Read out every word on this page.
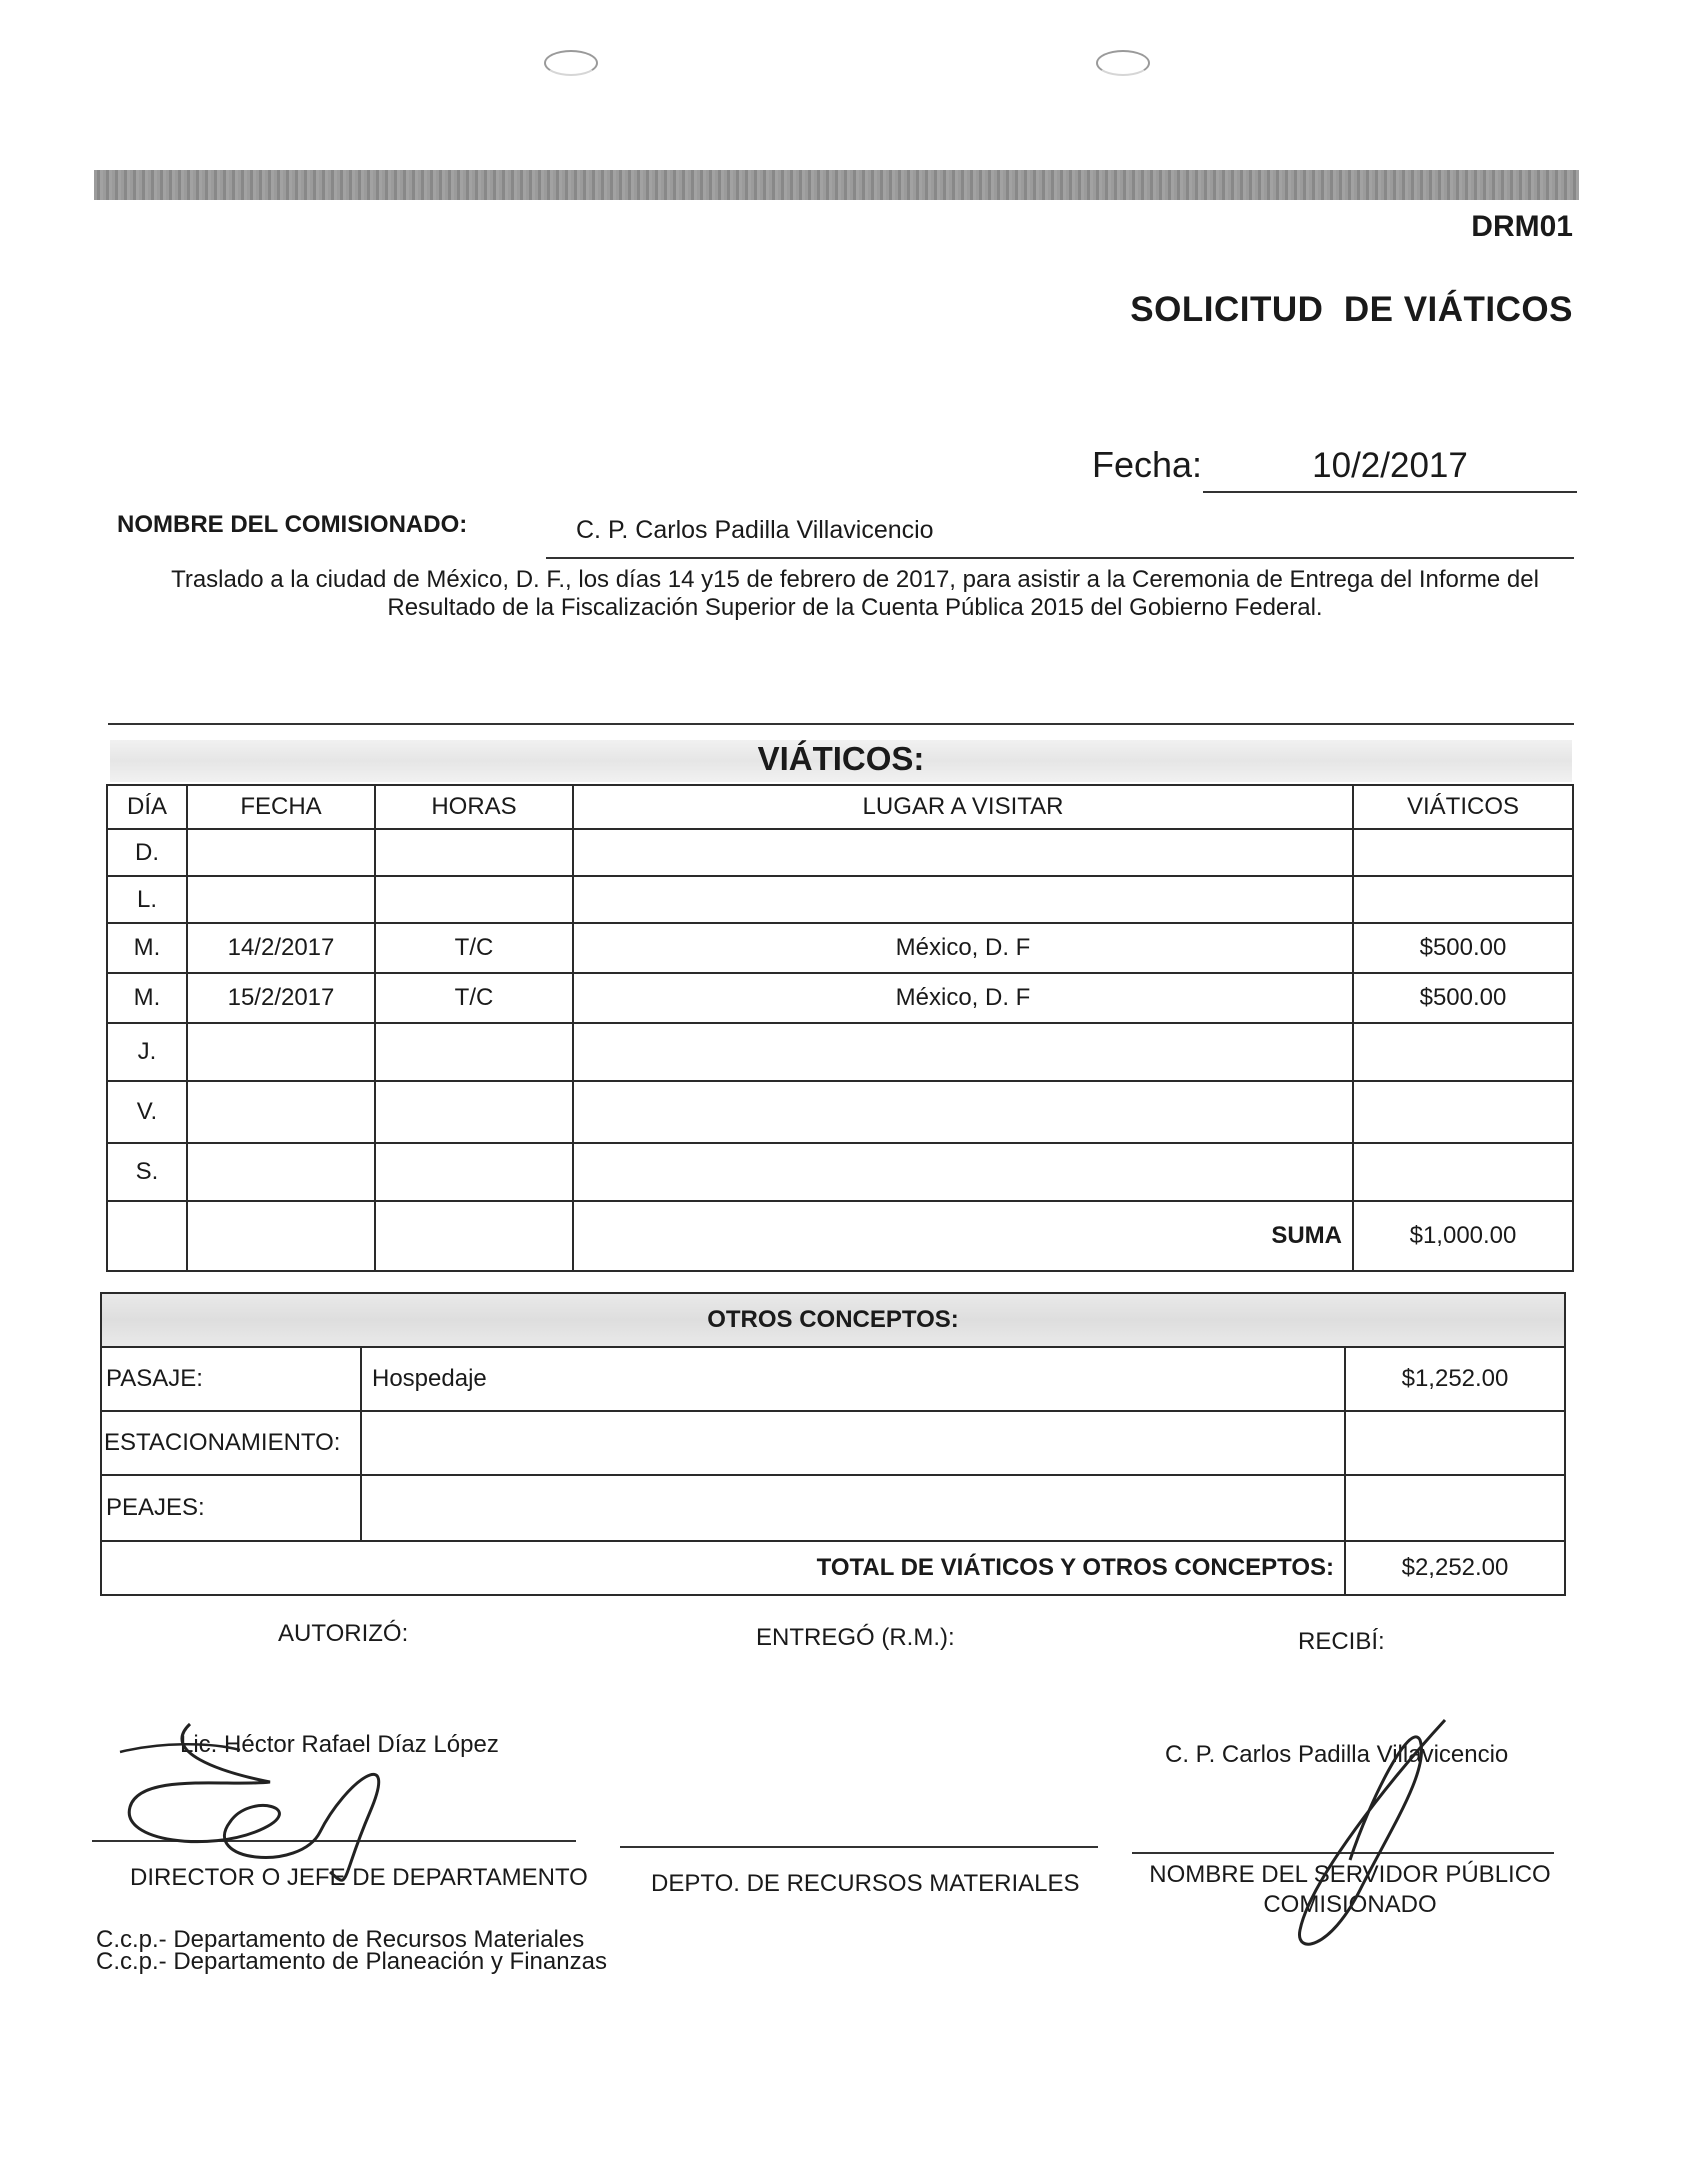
DRM01
SOLICITUD  DE VIÁTICOS
Fecha:	10/2/2017
NOMBRE DEL COMISIONADO:	C. P. Carlos Padilla Villavicencio
Traslado a la ciudad de México, D. F., los días 14 y15 de febrero de 2017, para asistir a la Ceremonia de Entrega del Informe del
Resultado de la Fiscalización Superior de la Cuenta Pública 2015 del Gobierno Federal.
VIÁTICOS:
DÍA	FECHA	HORAS	LUGAR A VISITAR	VIÁTICOS
D.				
L.				
M.	14/2/2017	T/C	México, D. F	$500.00
M.	15/2/2017	T/C	México, D. F	$500.00
J.				
V.				
S.				
			SUMA	$1,000.00
OTROS CONCEPTOS:		
PASAJE:	Hospedaje	$1,252.00
ESTACIONAMIENTO:		
PEAJES:		
TOTAL DE VIÁTICOS Y OTROS CONCEPTOS:		$2,252.00
AUTORIZÓ:	ENTREGÓ (R.M.):	RECIBÍ:
Lic. Héctor Rafael Díaz López	C. P. Carlos Padilla Villavicencio
DIRECTOR O JEFE DE DEPARTAMENTO	DEPTO. DE RECURSOS MATERIALES	NOMBRE DEL SERVIDOR PÚBLICO
COMISIONADO
C.c.p.- Departamento de Recursos Materiales
C.c.p.- Departamento de Planeación y Finanzas
